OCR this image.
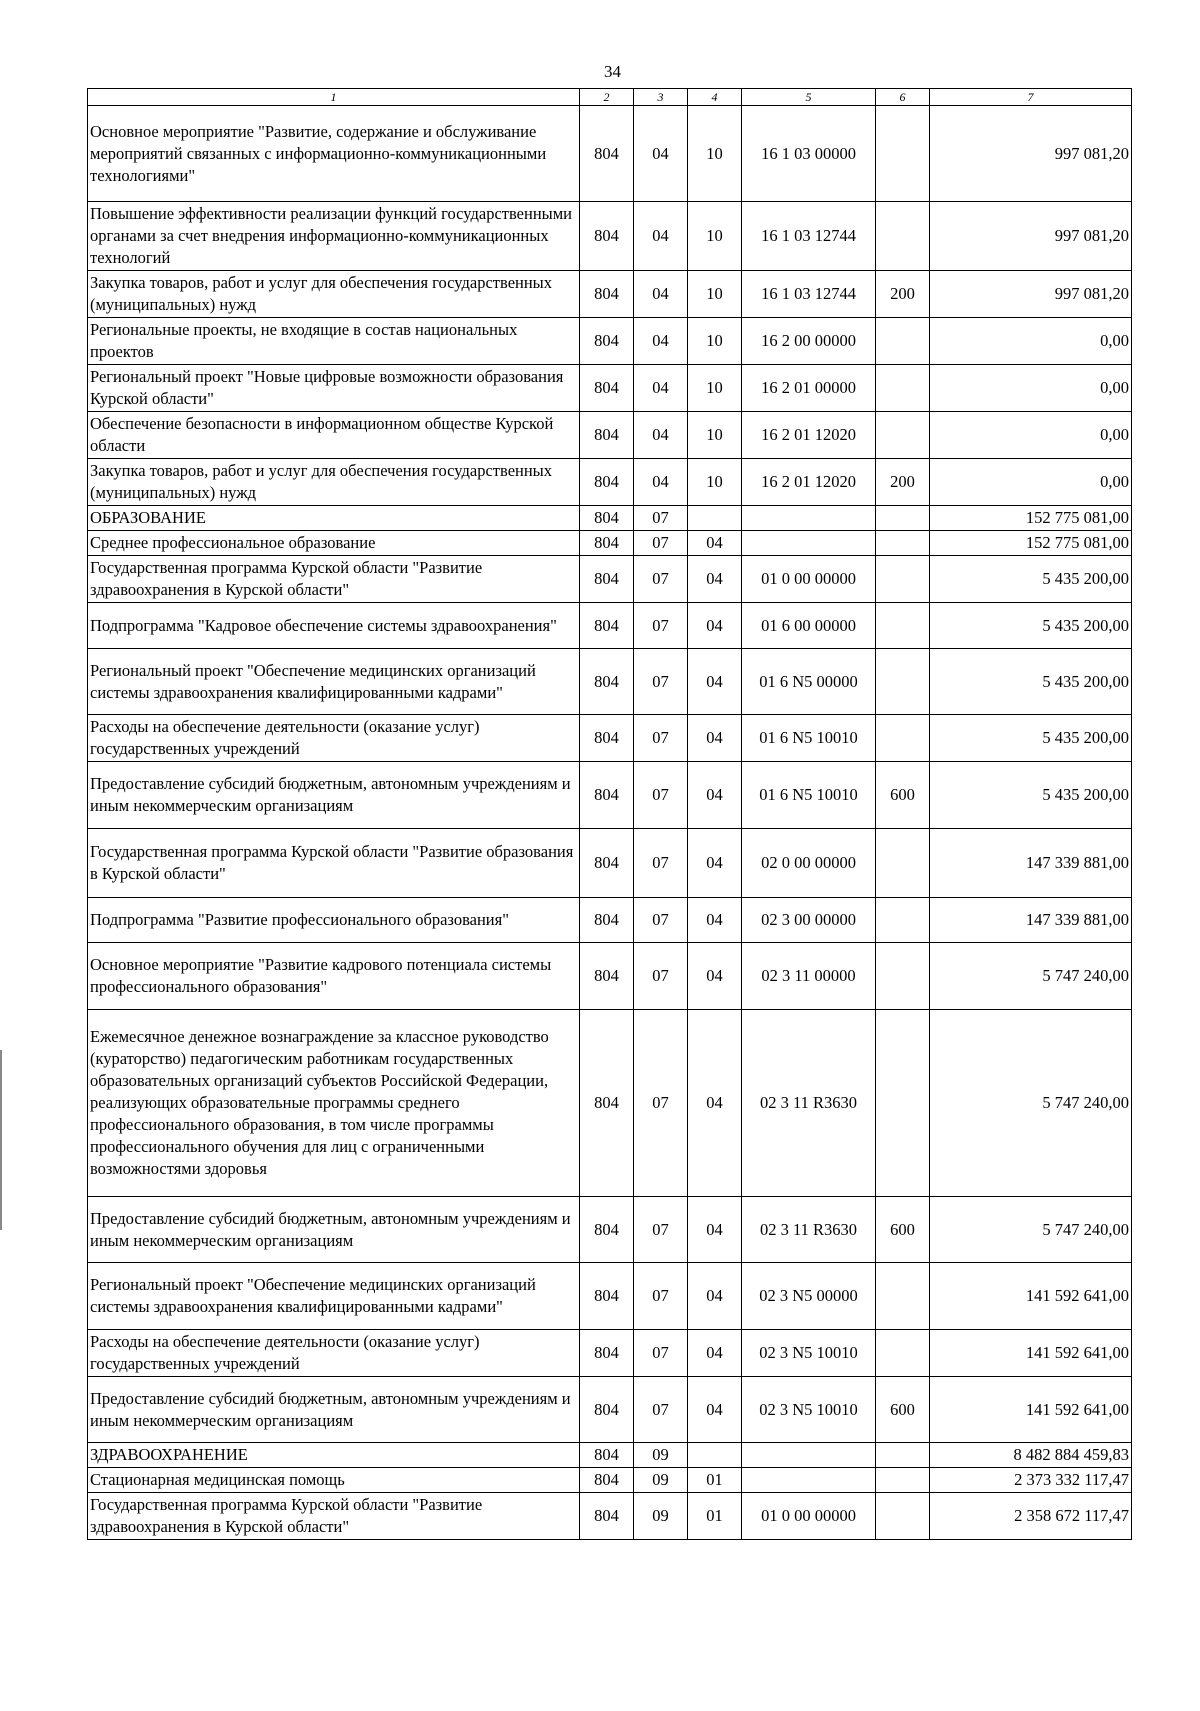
34
1	2	3	4	5	6	7
Основное мероприятие "Развитие, содержание и обслуживание мероприятий связанных с информационно-коммуникационными технологиями"	804	04	10	16 1 03 00000		997 081,20
Повышение эффективности реализации функций государственными органами за счет внедрения информационно-коммуникационных технологий	804	04	10	16 1 03 12744		997 081,20
Закупка товаров, работ и услуг для обеспечения государственных (муниципальных) нужд	804	04	10	16 1 03 12744	200	997 081,20
Региональные проекты, не входящие в состав национальных проектов	804	04	10	16 2 00 00000		0,00
Региональный проект "Новые цифровые возможности образования Курской области"	804	04	10	16 2 01 00000		0,00
Обеспечение безопасности в информационном обществе Курской области	804	04	10	16 2 01 12020		0,00
Закупка товаров, работ и услуг для обеспечения государственных (муниципальных) нужд	804	04	10	16 2 01 12020	200	0,00
ОБРАЗОВАНИЕ	804	07				152 775 081,00
Среднее профессиональное образование	804	07	04			152 775 081,00
Государственная программа Курской области "Развитие здравоохранения в Курской области"	804	07	04	01 0 00 00000		5 435 200,00
Подпрограмма "Кадровое обеспечение системы здравоохранения"	804	07	04	01 6 00 00000		5 435 200,00
Региональный проект "Обеспечение медицинских организаций системы здравоохранения квалифицированными кадрами"	804	07	04	01 6 N5 00000		5 435 200,00
Расходы на обеспечение деятельности (оказание услуг) государственных учреждений	804	07	04	01 6 N5 10010		5 435 200,00
Предоставление субсидий бюджетным, автономным учреждениям и иным некоммерческим организациям	804	07	04	01 6 N5 10010	600	5 435 200,00
Государственная программа Курской области "Развитие образования в Курской области"	804	07	04	02 0 00 00000		147 339 881,00
Подпрограмма "Развитие профессионального образования"	804	07	04	02 3 00 00000		147 339 881,00
Основное мероприятие "Развитие кадрового потенциала системы профессионального образования"	804	07	04	02 3 11 00000		5 747 240,00
Ежемесячное денежное вознаграждение за классное руководство (кураторство) педагогическим работникам государственных образовательных организаций субъектов Российской Федерации, реализующих образовательные программы среднего профессионального образования, в том числе программы профессионального обучения для лиц с ограниченными возможностями здоровья	804	07	04	02 3 11 R3630		5 747 240,00
Предоставление субсидий бюджетным, автономным учреждениям и иным некоммерческим организациям	804	07	04	02 3 11 R3630	600	5 747 240,00
Региональный проект "Обеспечение медицинских организаций системы здравоохранения квалифицированными кадрами"	804	07	04	02 3 N5 00000		141 592 641,00
Расходы на обеспечение деятельности (оказание услуг) государственных учреждений	804	07	04	02 3 N5 10010		141 592 641,00
Предоставление субсидий бюджетным, автономным учреждениям и иным некоммерческим организациям	804	07	04	02 3 N5 10010	600	141 592 641,00
ЗДРАВООХРАНЕНИЕ	804	09				8 482 884 459,83
Стационарная медицинская помощь	804	09	01			2 373 332 117,47
Государственная программа Курской области "Развитие здравоохранения в Курской области"	804	09	01	01 0 00 00000		2 358 672 117,47
